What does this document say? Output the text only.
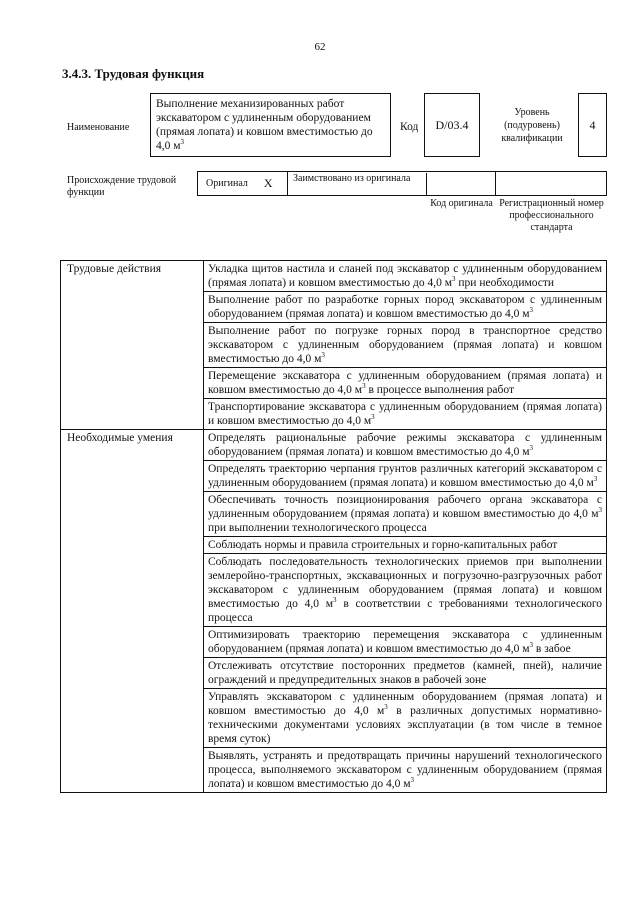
62
3.4.3. Трудовая функция
Наименование
Выполнение механизированных работ экскаватором с удлиненным оборудованием (прямая лопата) и ковшом вместимостью до 4,0 $м^3$
Код	D/03.4
Уровень (подуровень) квалификации
4
Происхождение трудовой функции
Оригинал X Заимствовано из оригинала
Код оригинала Регистрационный номер профессионального стандарта
Трудовые действия	Укладка щитов настила и сланей под экскаватор с удлиненным оборудованием (прямая лопата) и ковшом вместимостью до 4,0 $м^3$ при необходимости
	Выполнение работ по разработке горных пород экскаватором с удлиненным оборудованием (прямая лопата) и ковшом вместимостью до 4,0 $м^3$
	Выполнение работ по погрузке горных пород в транспортное средство экскаватором с удлиненным оборудованием (прямая лопата) и ковшом вместимостью до 4,0 $м^3$
	Перемещение экскаватора с удлиненным оборудованием (прямая лопата) и ковшом вместимостью до 4,0 $м^3$ в процессе выполнения работ
	Транспортирование экскаватора с удлиненным оборудованием (прямая лопата) и ковшом вместимостью до 4,0 $м^3$
Необходимые умения	Определять рациональные рабочие режимы экскаватора с удлиненным оборудованием (прямая лопата) и ковшом вместимостью до 4,0 $м^3$
	Определять траекторию черпания грунтов различных категорий экскаватором с удлиненным оборудованием (прямая лопата) и ковшом вместимостью до 4,0 $м^3$
	Обеспечивать точность позиционирования рабочего органа экскаватора с удлиненным оборудованием (прямая лопата) и ковшом вместимостью до 4,0 $м^3$ при выполнении технологического процесса
	Соблюдать нормы и правила строительных и горно-капитальных работ
	Соблюдать последовательность технологических приемов при выполнении землеройно-транспортных, экскавационных и погрузочно-разгрузочных работ экскаватором с удлиненным оборудованием (прямая лопата) и ковшом вместимостью до 4,0 $м^3$ в соответствии с требованиями технологического процесса
	Оптимизировать траекторию перемещения экскаватора с удлиненным оборудованием (прямая лопата) и ковшом вместимостью до 4,0 $м^3$ в забое
	Отслеживать отсутствие посторонних предметов (камней, пней), наличие ограждений и предупредительных знаков в рабочей зоне
	Управлять экскаватором с удлиненным оборудованием (прямая лопата) и ковшом вместимостью до 4,0 $м^3$ в различных допустимых нормативно-техническими документами условиях эксплуатации (в том числе в темное время суток)
	Выявлять, устранять и предотвращать причины нарушений технологического процесса, выполняемого экскаватором с удлиненным оборудованием (прямая лопата) и ковшом вместимостью до 4,0 $м^3$
